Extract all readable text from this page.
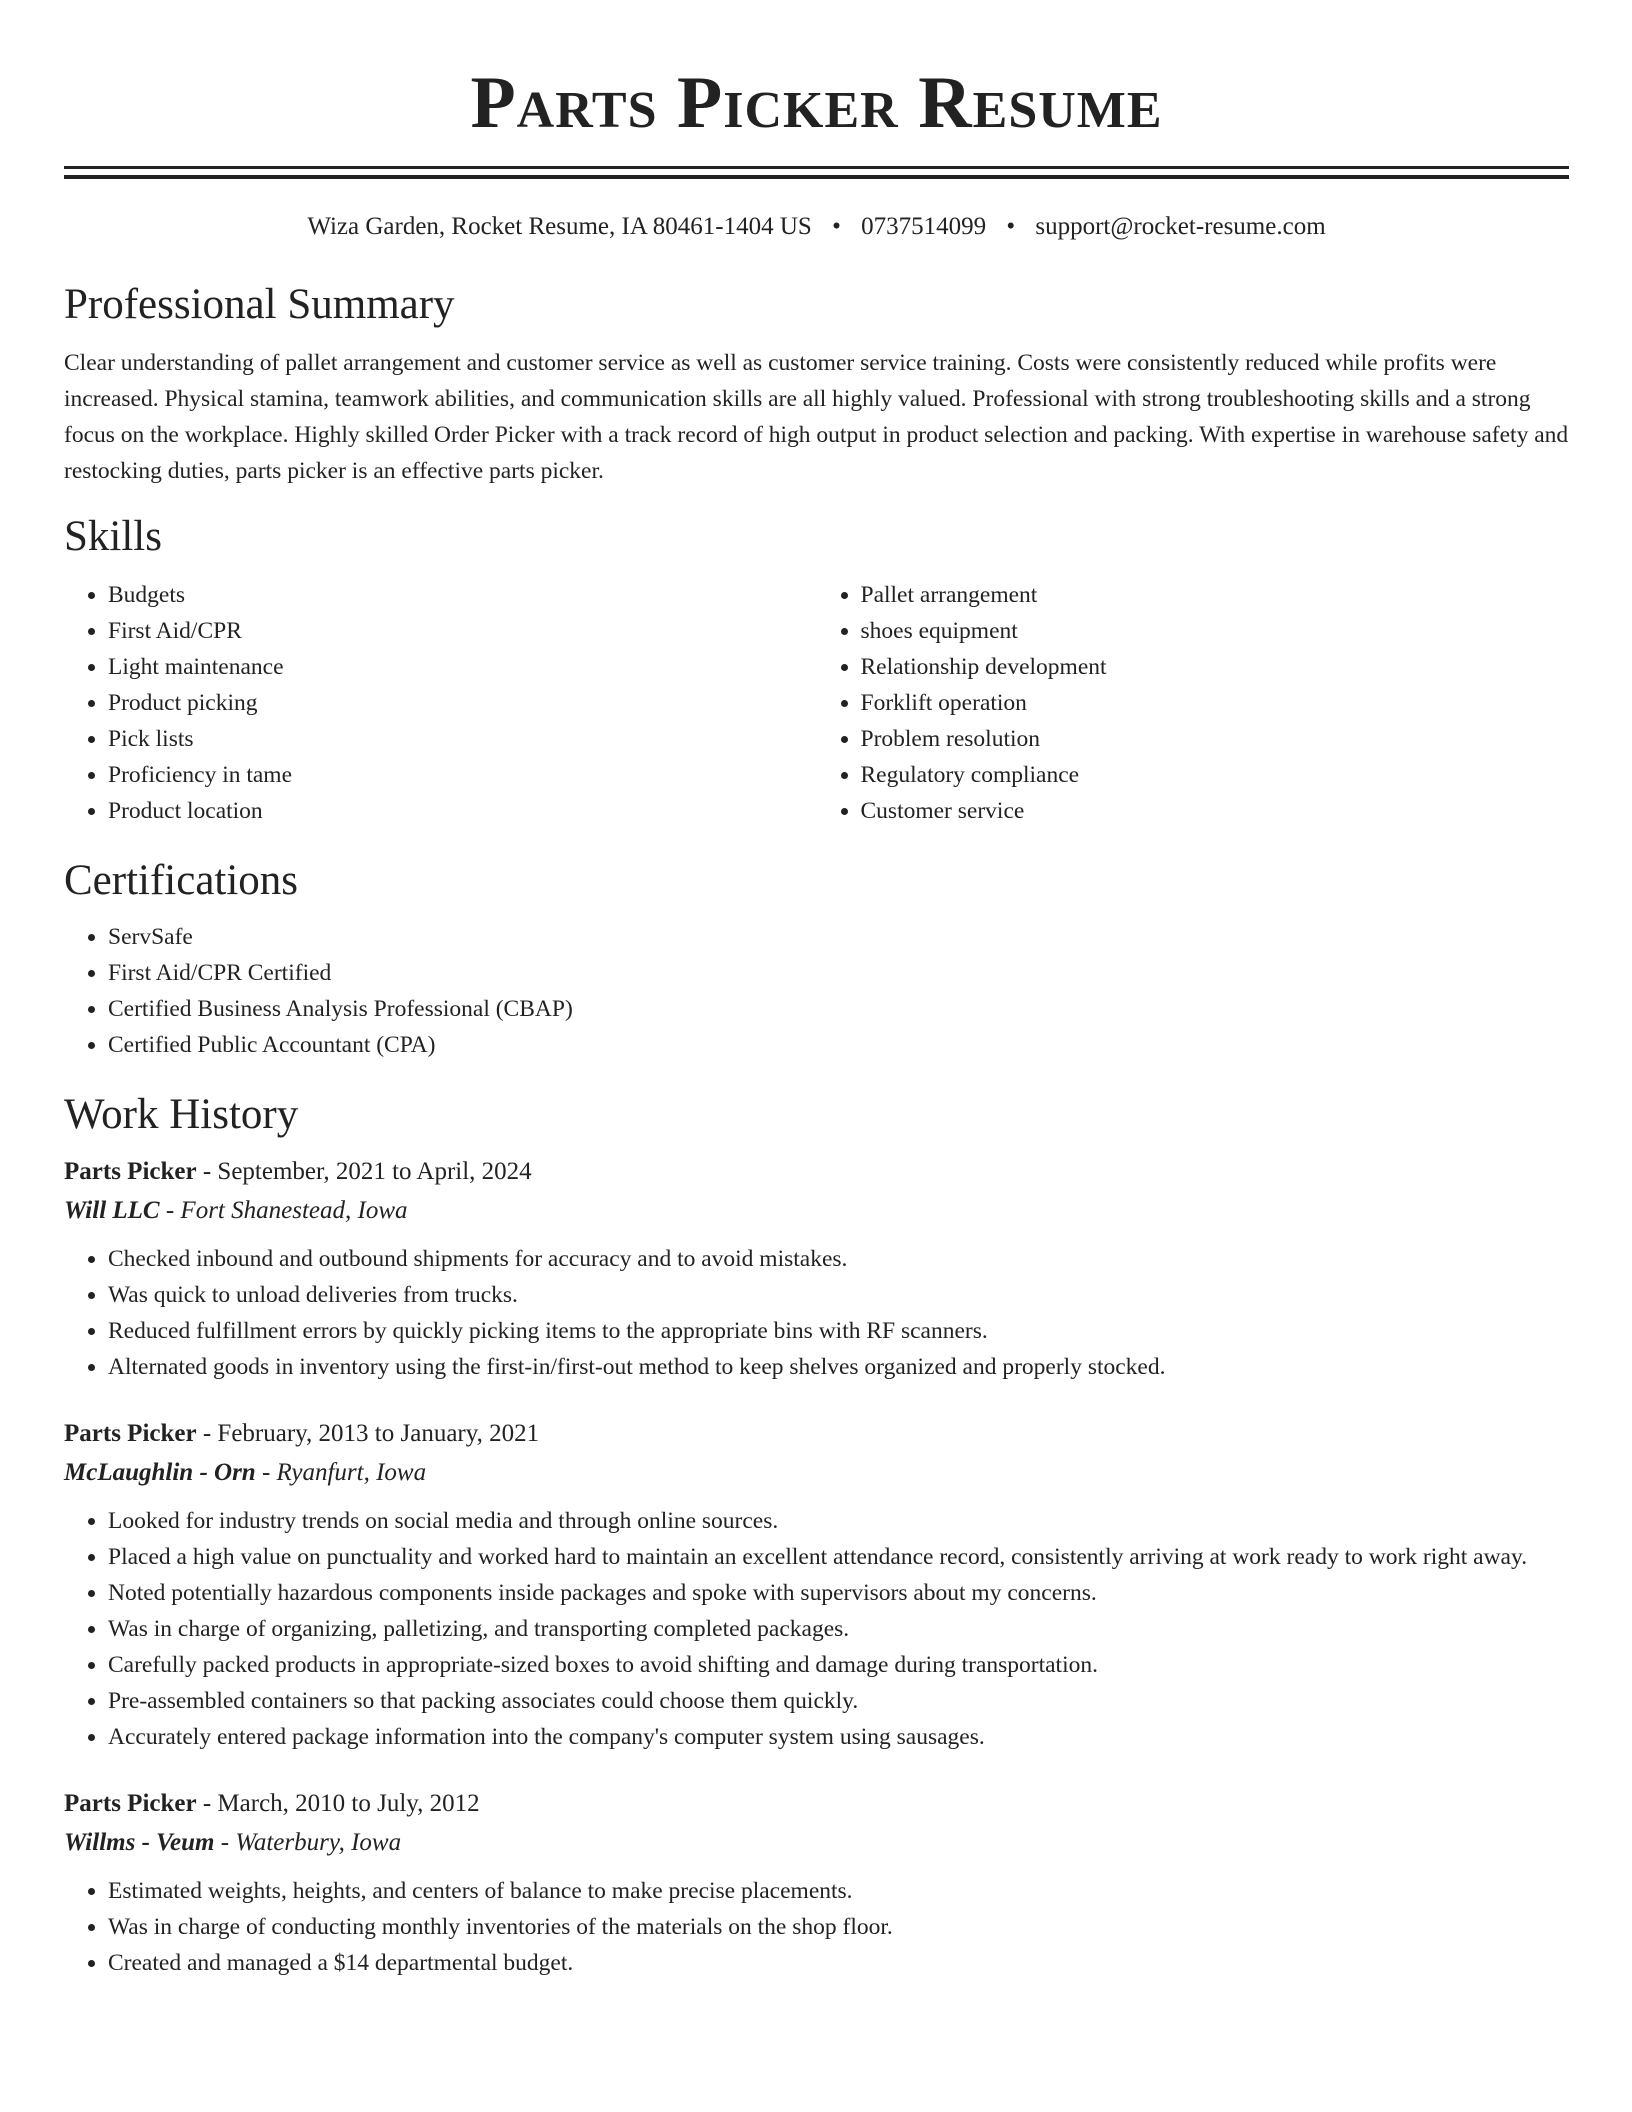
Parts Picker Resume
Wiza Garden, Rocket Resume, IA 80461-1404 US • 0737514099 • support@rocket-resume.com
Professional Summary

Clear understanding of pallet arrangement and customer service as well as customer service training. Costs were consistently reduced while profits were increased. Physical stamina, teamwork abilities, and communication skills are all highly valued. Professional with strong troubleshooting skills and a strong focus on the workplace. Highly skilled Order Picker with a track record of high output in product selection and packing. With expertise in warehouse safety and restocking duties, parts picker is an effective parts picker.

Skills
• Budgets
• First Aid/CPR
• Light maintenance
• Product picking
• Pick lists
• Proficiency in tame
• Product location
• Pallet arrangement
• shoes equipment
• Relationship development
• Forklift operation
• Problem resolution
• Regulatory compliance
• Customer service
Certifications
• ServSafe
• First Aid/CPR Certified
• Certified Business Analysis Professional (CBAP)
• Certified Public Accountant (CPA)
Work History
Parts Picker - September, 2021 to April, 2024
Will LLC - Fort Shanestead, Iowa
• Checked inbound and outbound shipments for accuracy and to avoid mistakes.
• Was quick to unload deliveries from trucks.
• Reduced fulfillment errors by quickly picking items to the appropriate bins with RF scanners.
• Alternated goods in inventory using the first-in/first-out method to keep shelves organized and properly stocked.
Parts Picker - February, 2013 to January, 2021
McLaughlin - Orn - Ryanfurt, Iowa
• Looked for industry trends on social media and through online sources.
• Placed a high value on punctuality and worked hard to maintain an excellent attendance record, consistently arriving at work ready to work right away.
• Noted potentially hazardous components inside packages and spoke with supervisors about my concerns.
• Was in charge of organizing, palletizing, and transporting completed packages.
• Carefully packed products in appropriate-sized boxes to avoid shifting and damage during transportation.
• Pre-assembled containers so that packing associates could choose them quickly.
• Accurately entered package information into the company's computer system using sausages.
Parts Picker - March, 2010 to July, 2012
Willms - Veum - Waterbury, Iowa
• Estimated weights, heights, and centers of balance to make precise placements.
• Was in charge of conducting monthly inventories of the materials on the shop floor.
• Created and managed a $14 departmental budget.
